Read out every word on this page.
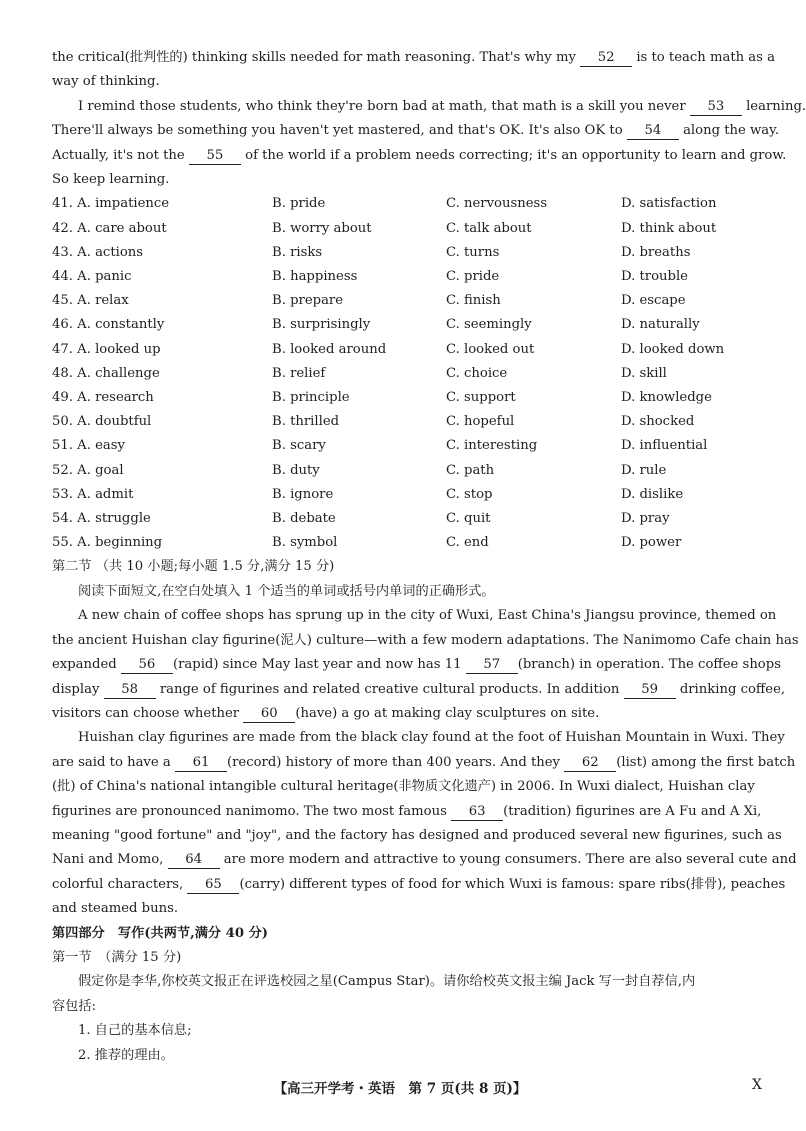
the critical(批判性的) thinking skills needed for math reasoning. That's why my 52 is to teach math as a
way of thinking.
I remind those students, who think they're born bad at math, that math is a skill you never 53 learning.
There'll always be something you haven't yet mastered, and that's OK. It's also OK to 54 along the way.
Actually, it's not the 55 of the world if a problem needs correcting; it's an opportunity to learn and grow.
So keep learning.
41. A. impatience	B. pride	C. nervousness	D. satisfaction
42. A. care about	B. worry about	C. talk about	D. think about
43. A. actions	B. risks	C. turns	D. breaths
44. A. panic	B. happiness	C. pride	D. trouble
45. A. relax	B. prepare	C. finish	D. escape
46. A. constantly	B. surprisingly	C. seemingly	D. naturally
47. A. looked up	B. looked around	C. looked out	D. looked down
48. A. challenge	B. relief	C. choice	D. skill
49. A. research	B. principle	C. support	D. knowledge
50. A. doubtful	B. thrilled	C. hopeful	D. shocked
51. A. easy	B. scary	C. interesting	D. influential
52. A. goal	B. duty	C. path	D. rule
53. A. admit	B. ignore	C. stop	D. dislike
54. A. struggle	B. debate	C. quit	D. pray
55. A. beginning	B. symbol	C. end	D. power
第二节 （共 10 小题;每小题 1.5 分,满分 15 分)
阅读下面短文,在空白处填入 1 个适当的单词或括号内单词的正确形式。
A new chain of coffee shops has sprung up in the city of Wuxi, East China's Jiangsu province, themed on
the ancient Huishan clay figurine(泥人) culture—with a few modern adaptations. The Nanimomo Cafe chain has
expanded 56 (rapid) since May last year and now has 11 57 (branch) in operation. The coffee shops
display 58 range of figurines and related creative cultural products. In addition 59 drinking coffee,
visitors can choose whether 60 (have) a go at making clay sculptures on site.
Huishan clay figurines are made from the black clay found at the foot of Huishan Mountain in Wuxi. They
are said to have a 61 (record) history of more than 400 years. And they 62 (list) among the first batch
(批) of China's national intangible cultural heritage(非物质文化遗产) in 2006. In Wuxi dialect, Huishan clay
figurines are pronounced nanimomo. The two most famous 63 (tradition) figurines are A Fu and A Xi,
meaning "good fortune" and "joy", and the factory has designed and produced several new figurines, such as
Nani and Momo, 64 are more modern and attractive to young consumers. There are also several cute and
colorful characters, 65 (carry) different types of food for which Wuxi is famous: spare ribs(排骨), peaches
and steamed buns.
第四部分　写作(共两节,满分 40 分)
第一节　（满分 15 分)
假定你是李华,你校英文报正在评选校园之星(Campus Star)。请你给校英文报主编 Jack 写一封自荐信,内
容包括:
1. 自己的基本信息;
2. 推荐的理由。
【高三开学考・英语　第 7 页(共 8 页)】	X
